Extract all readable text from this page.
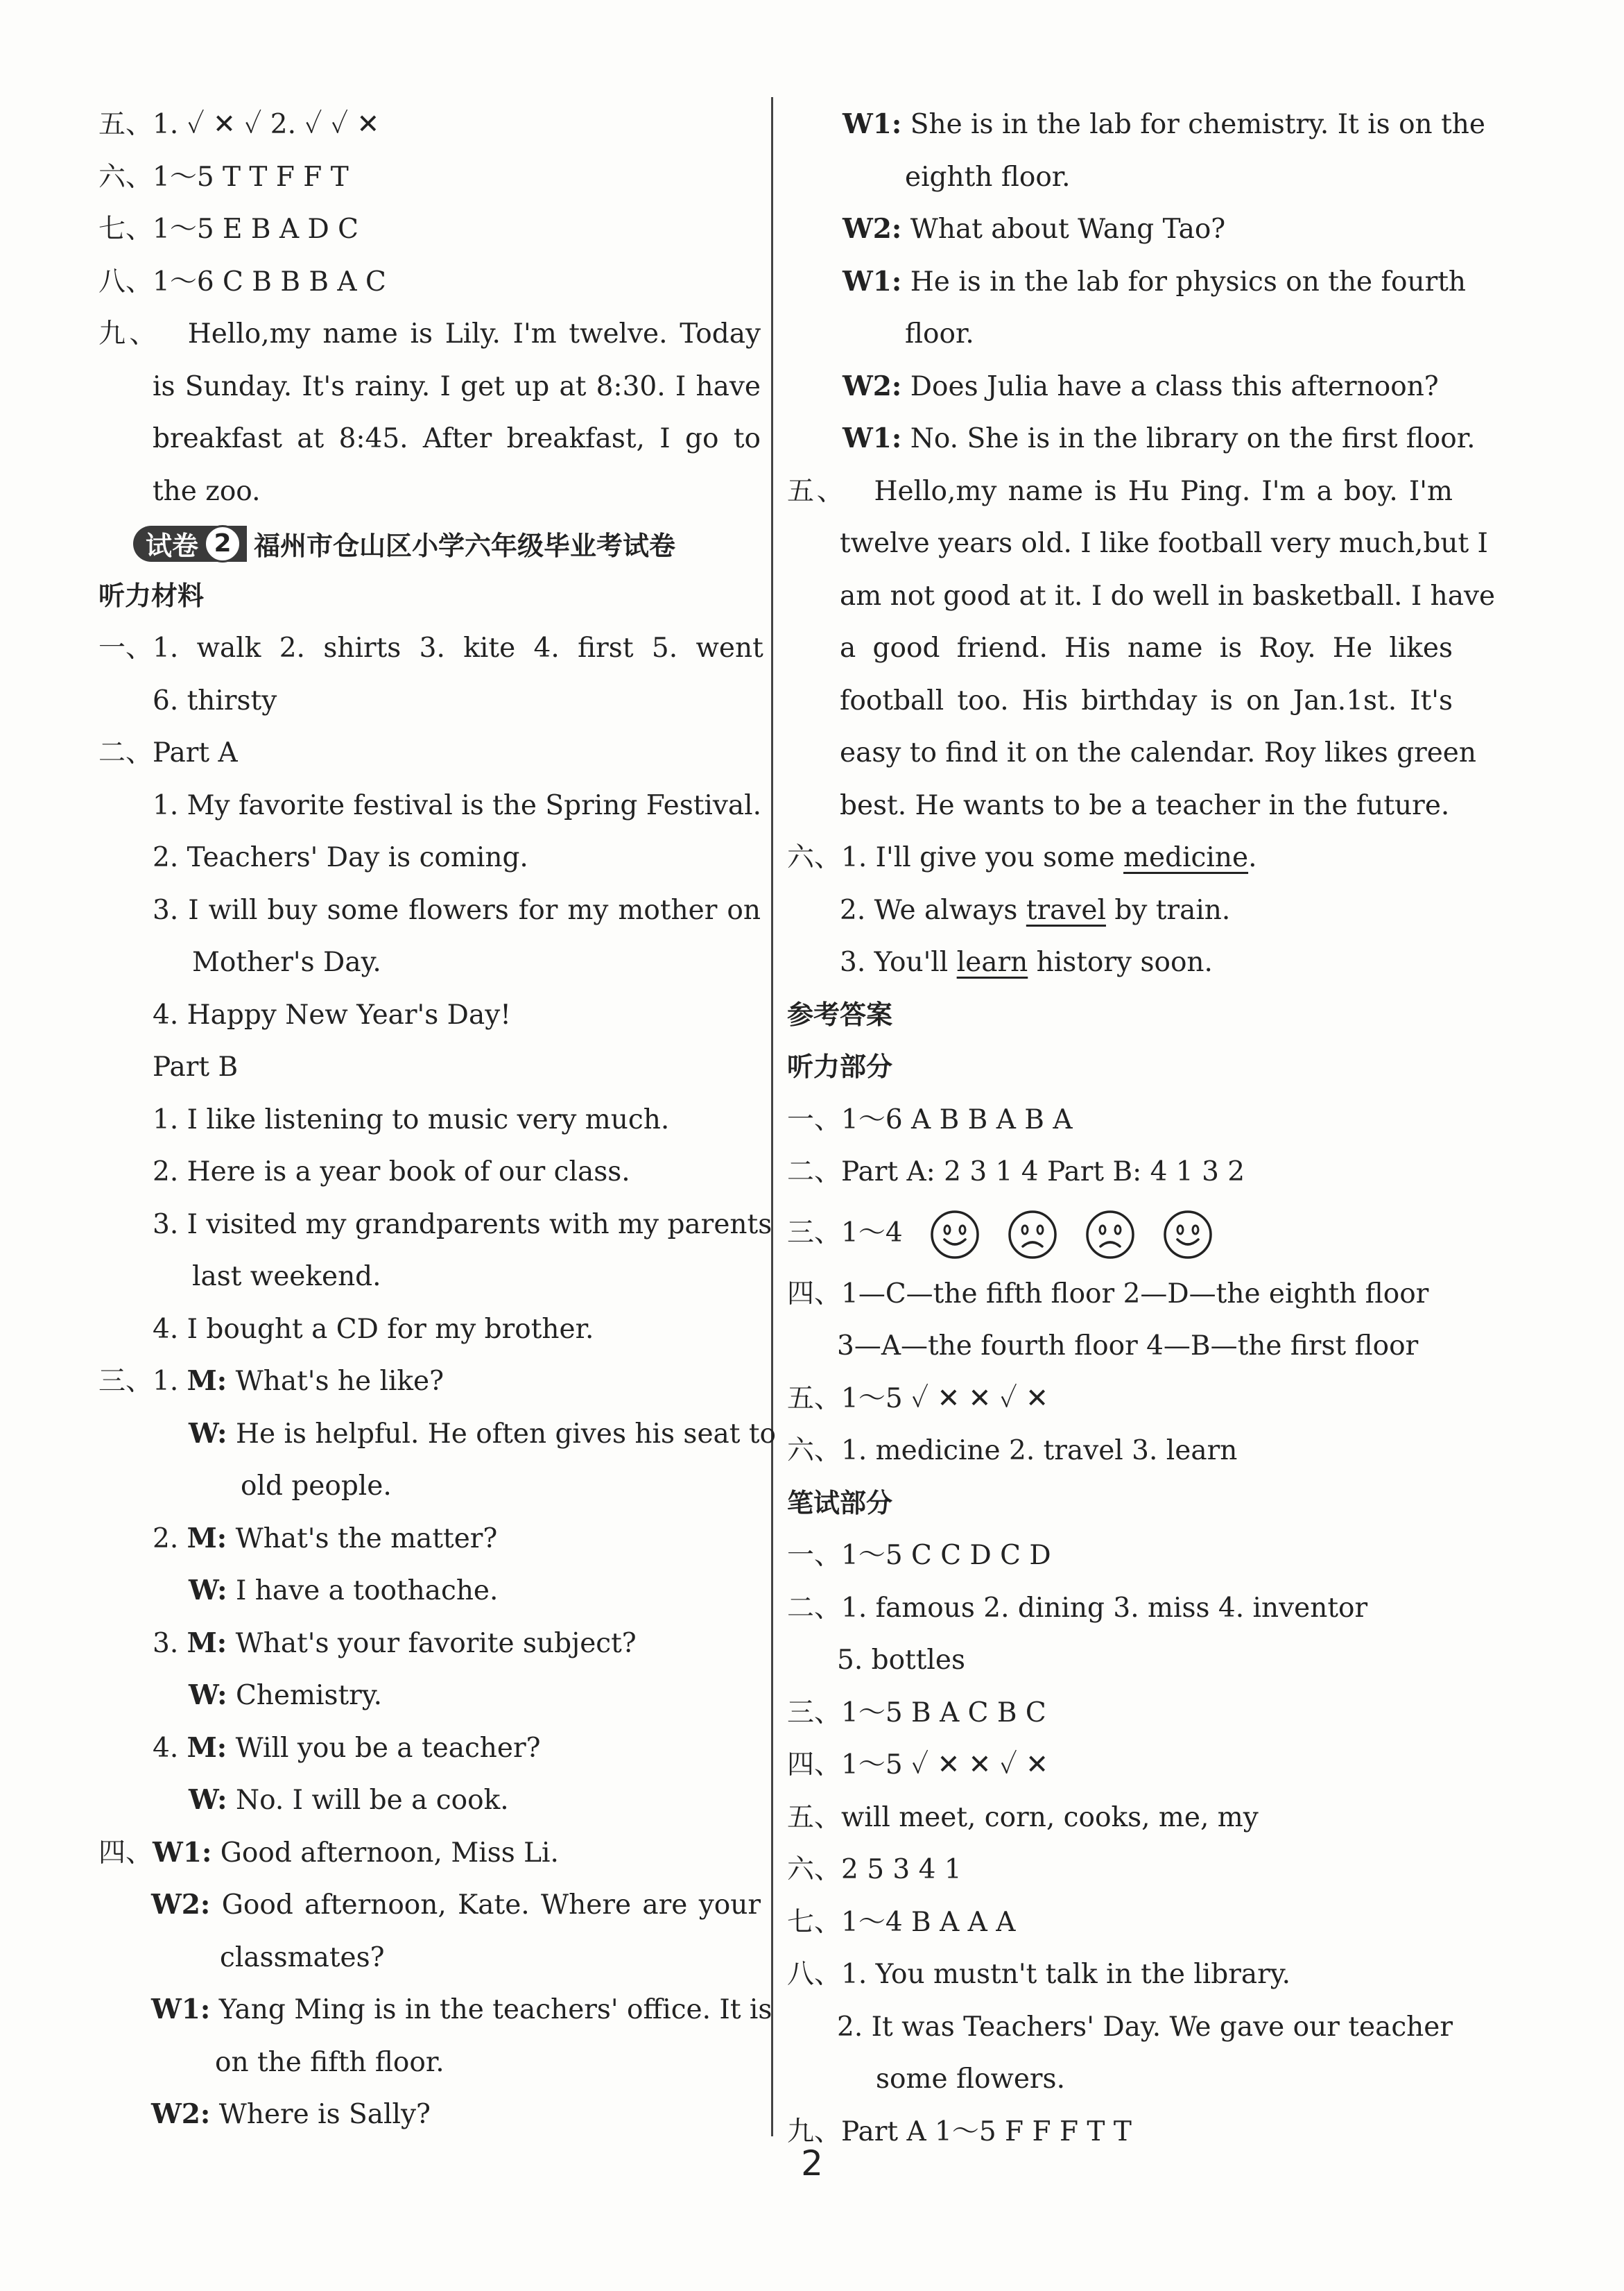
五、1. ✓ ✕ ✓ 2. ✓ ✓ ✕
六、1～5 T T F F T
七、1～5 E B A D C
八、1～6 C B B B A C
九、 Hello,my name is Lily. I'm twelve. Today
is Sunday. It's rainy. I get up at 8:30. I have
breakfast at 8:45. After breakfast, I go to
the zoo.
试卷 2 福州市仓山区小学六年级毕业考试卷
听力材料
一、1. walk 2. shirts 3. kite 4. first 5. went
6. thirsty
二、Part A
1. My favorite festival is the Spring Festival.
2. Teachers' Day is coming.
3. I will buy some flowers for my mother on
Mother's Day.
4. Happy New Year's Day!
Part B
1. I like listening to music very much.
2. Here is a year book of our class.
3. I visited my grandparents with my parents
last weekend.
4. I bought a CD for my brother.
三、1. M: What's he like?
W: He is helpful. He often gives his seat to
old people.
2. M: What's the matter?
W: I have a toothache.
3. M: What's your favorite subject?
W: Chemistry.
4. M: Will you be a teacher?
W: No. I will be a cook.
四、W1: Good afternoon, Miss Li.
W2: Good afternoon, Kate. Where are your
classmates?
W1: Yang Ming is in the teachers' office. It is
on the fifth floor.
W2: Where is Sally?
W1: She is in the lab for chemistry. It is on the
eighth floor.
W2: What about Wang Tao?
W1: He is in the lab for physics on the fourth
floor.
W2: Does Julia have a class this afternoon?
W1: No. She is in the library on the first floor.
五、 Hello,my name is Hu Ping. I'm a boy. I'm
twelve years old. I like football very much,but I
am not good at it. I do well in basketball. I have
a good friend. His name is Roy. He likes
football too. His birthday is on Jan.1st. It's
easy to find it on the calendar. Roy likes green
best. He wants to be a teacher in the future.
六、1. I'll give you some medicine.
2. We always travel by train.
3. You'll learn history soon.
参考答案
听力部分
一、1～6 A B B A B A
二、Part A: 2 3 1 4 Part B: 4 1 3 2
三、1～4
四、1—C—the fifth floor 2—D—the eighth floor
3—A—the fourth floor 4—B—the first floor
五、1～5 ✓ ✕ ✕ ✓ ✕
六、1. medicine 2. travel 3. learn
笔试部分
一、1～5 C C D C D
二、1. famous 2. dining 3. miss 4. inventor
5. bottles
三、1～5 B A C B C
四、1～5 ✓ ✕ ✕ ✓ ✕
五、will meet, corn, cooks, me, my
六、2 5 3 4 1
七、1～4 B A A A
八、1. You mustn't talk in the library.
2. It was Teachers' Day. We gave our teacher
some flowers.
九、Part A 1～5 F F F T T
2
